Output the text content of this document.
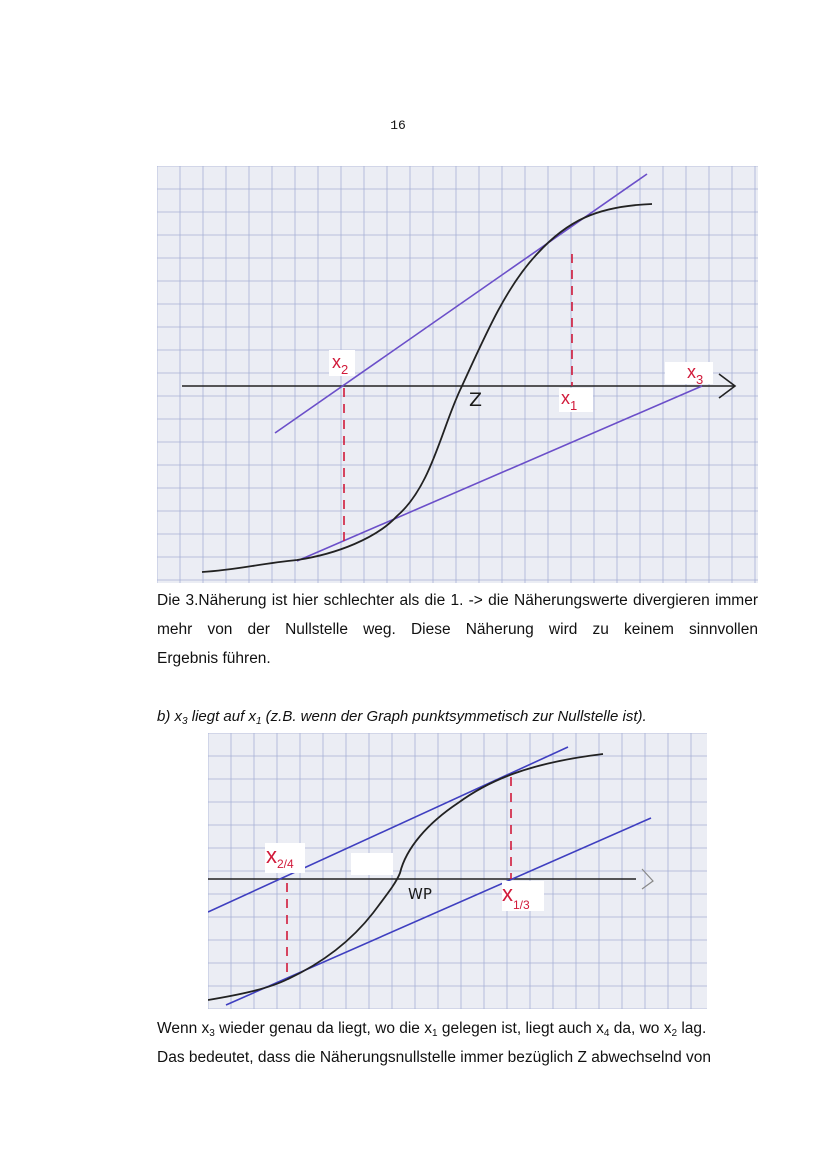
16
$x_2$	$x_3$
$x_1$
Z

Die 3.Näherung ist hier schlechter als die 1. -> die Näherungswerte divergieren immer mehr von der Nullstelle weg. Diese Näherung wird zu keinem sinnvollen

Ergebnis führen.

b) $x_3$ liegt auf $x_1$ (z.B. wenn der Graph punktsymmetisch zur Nullstelle ist).

$x_{2/4}$
$x_{1/3}$
WP

Wenn $x_3$ wieder genau da liegt, wo die $x_1$ gelegen ist, liegt auch $x_4$ da, wo $x_2$ lag.

Das bedeutet, dass die Näherungsnullstelle immer bezüglich Z abwechselnd von
